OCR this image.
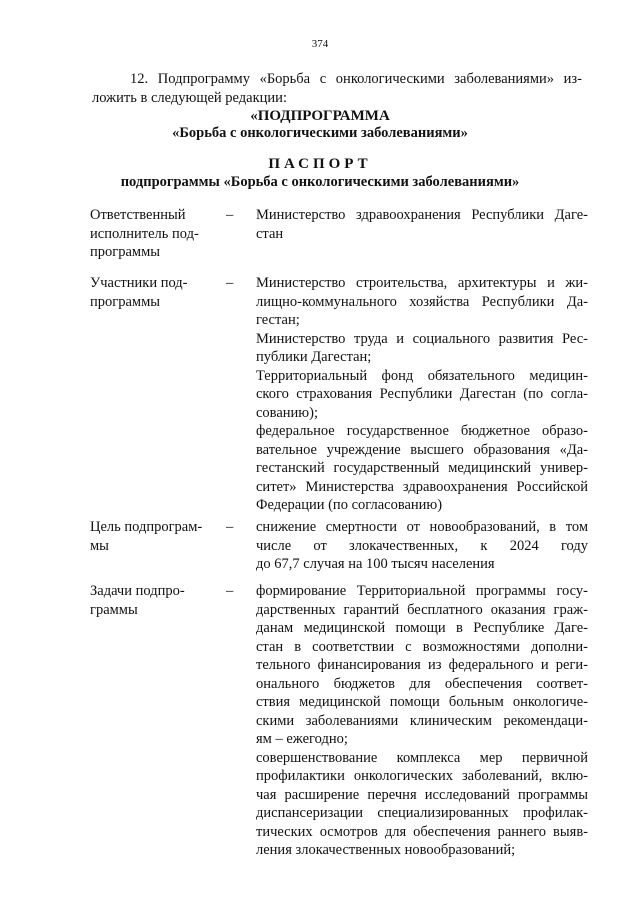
374
12. Подпрограмму «Борьба с онкологическими заболеваниями» из-
ложить в следующей редакции:
«ПОДПРОГРАММА
«Борьба с онкологическими заболеваниями»
ПАСПОРТ
подпрограммы «Борьба с онкологическими заболеваниями»
Ответственный
исполнитель под-
программы
– Министерство здравоохранения Республики Даге-
стан
Участники под-
программы
– Министерство строительства, архитектуры и жи-
лищно-коммунального хозяйства Республики Да-
гестан;
Министерство труда и социального развития Рес-
публики Дагестан;
Территориальный фонд обязательного медицин-
ского страхования Республики Дагестан (по согла-
сованию);
федеральное государственное бюджетное образо-
вательное учреждение высшего образования «Да-
гестанский государственный медицинский универ-
ситет» Министерства здравоохранения Российской
Федерации (по согласованию)
Цель подпрограм-
мы
– снижение смертности от новообразований, в том
числе от злокачественных, к 2024 году
до 67,7 случая на 100 тысяч населения
Задачи подпро-
граммы
– формирование Территориальной программы госу-
дарственных гарантий бесплатного оказания граж-
данам медицинской помощи в Республике Даге-
стан в соответствии с возможностями дополни-
тельного финансирования из федерального и реги-
онального бюджетов для обеспечения соответ-
ствия медицинской помощи больным онкологиче-
скими заболеваниями клиническим рекомендаци-
ям – ежегодно;
совершенствование комплекса мер первичной
профилактики онкологических заболеваний, вклю-
чая расширение перечня исследований программы
диспансеризации специализированных профилак-
тических осмотров для обеспечения раннего выяв-
ления злокачественных новообразований;
